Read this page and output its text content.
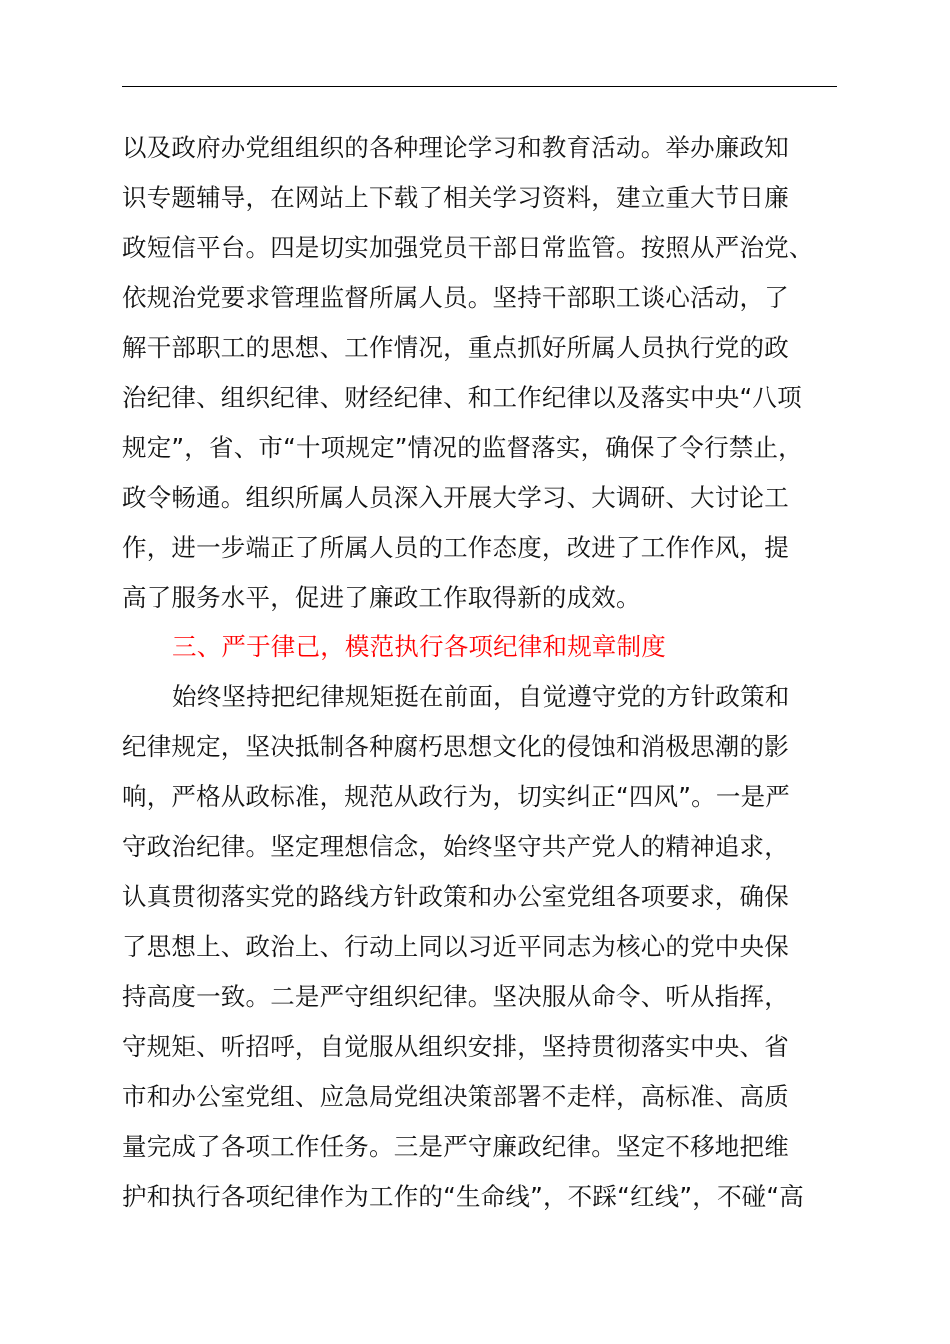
以及政府办党组组织的各种理论学习和教育活动。举办廉政知
识专题辅导，在网站上下载了相关学习资料，建立重大节日廉
政短信平台。四是切实加强党员干部日常监管。按照从严治党、
依规治党要求管理监督所属人员。坚持干部职工谈心活动，了
解干部职工的思想、工作情况，重点抓好所属人员执行党的政
治纪律、组织纪律、财经纪律、和工作纪律以及落实中央“八项
规定”，省、市“十项规定”情况的监督落实，确保了令行禁止，
政令畅通。组织所属人员深入开展大学习、大调研、大讨论工
作，进一步端正了所属人员的工作态度，改进了工作作风，提
高了服务水平，促进了廉政工作取得新的成效。
三、严于律己，模范执行各项纪律和规章制度
始终坚持把纪律规矩挺在前面，自觉遵守党的方针政策和
纪律规定，坚决抵制各种腐朽思想文化的侵蚀和消极思潮的影
响，严格从政标准，规范从政行为，切实纠正“四风”。一是严
守政治纪律。坚定理想信念，始终坚守共产党人的精神追求，
认真贯彻落实党的路线方针政策和办公室党组各项要求，确保
了思想上、政治上、行动上同以习近平同志为核心的党中央保
持高度一致。二是严守组织纪律。坚决服从命令、听从指挥，
守规矩、听招呼，自觉服从组织安排，坚持贯彻落实中央、省
市和办公室党组、应急局党组决策部署不走样，高标准、高质
量完成了各项工作任务。三是严守廉政纪律。坚定不移地把维
护和执行各项纪律作为工作的“生命线”，不踩“红线”，不碰“高
